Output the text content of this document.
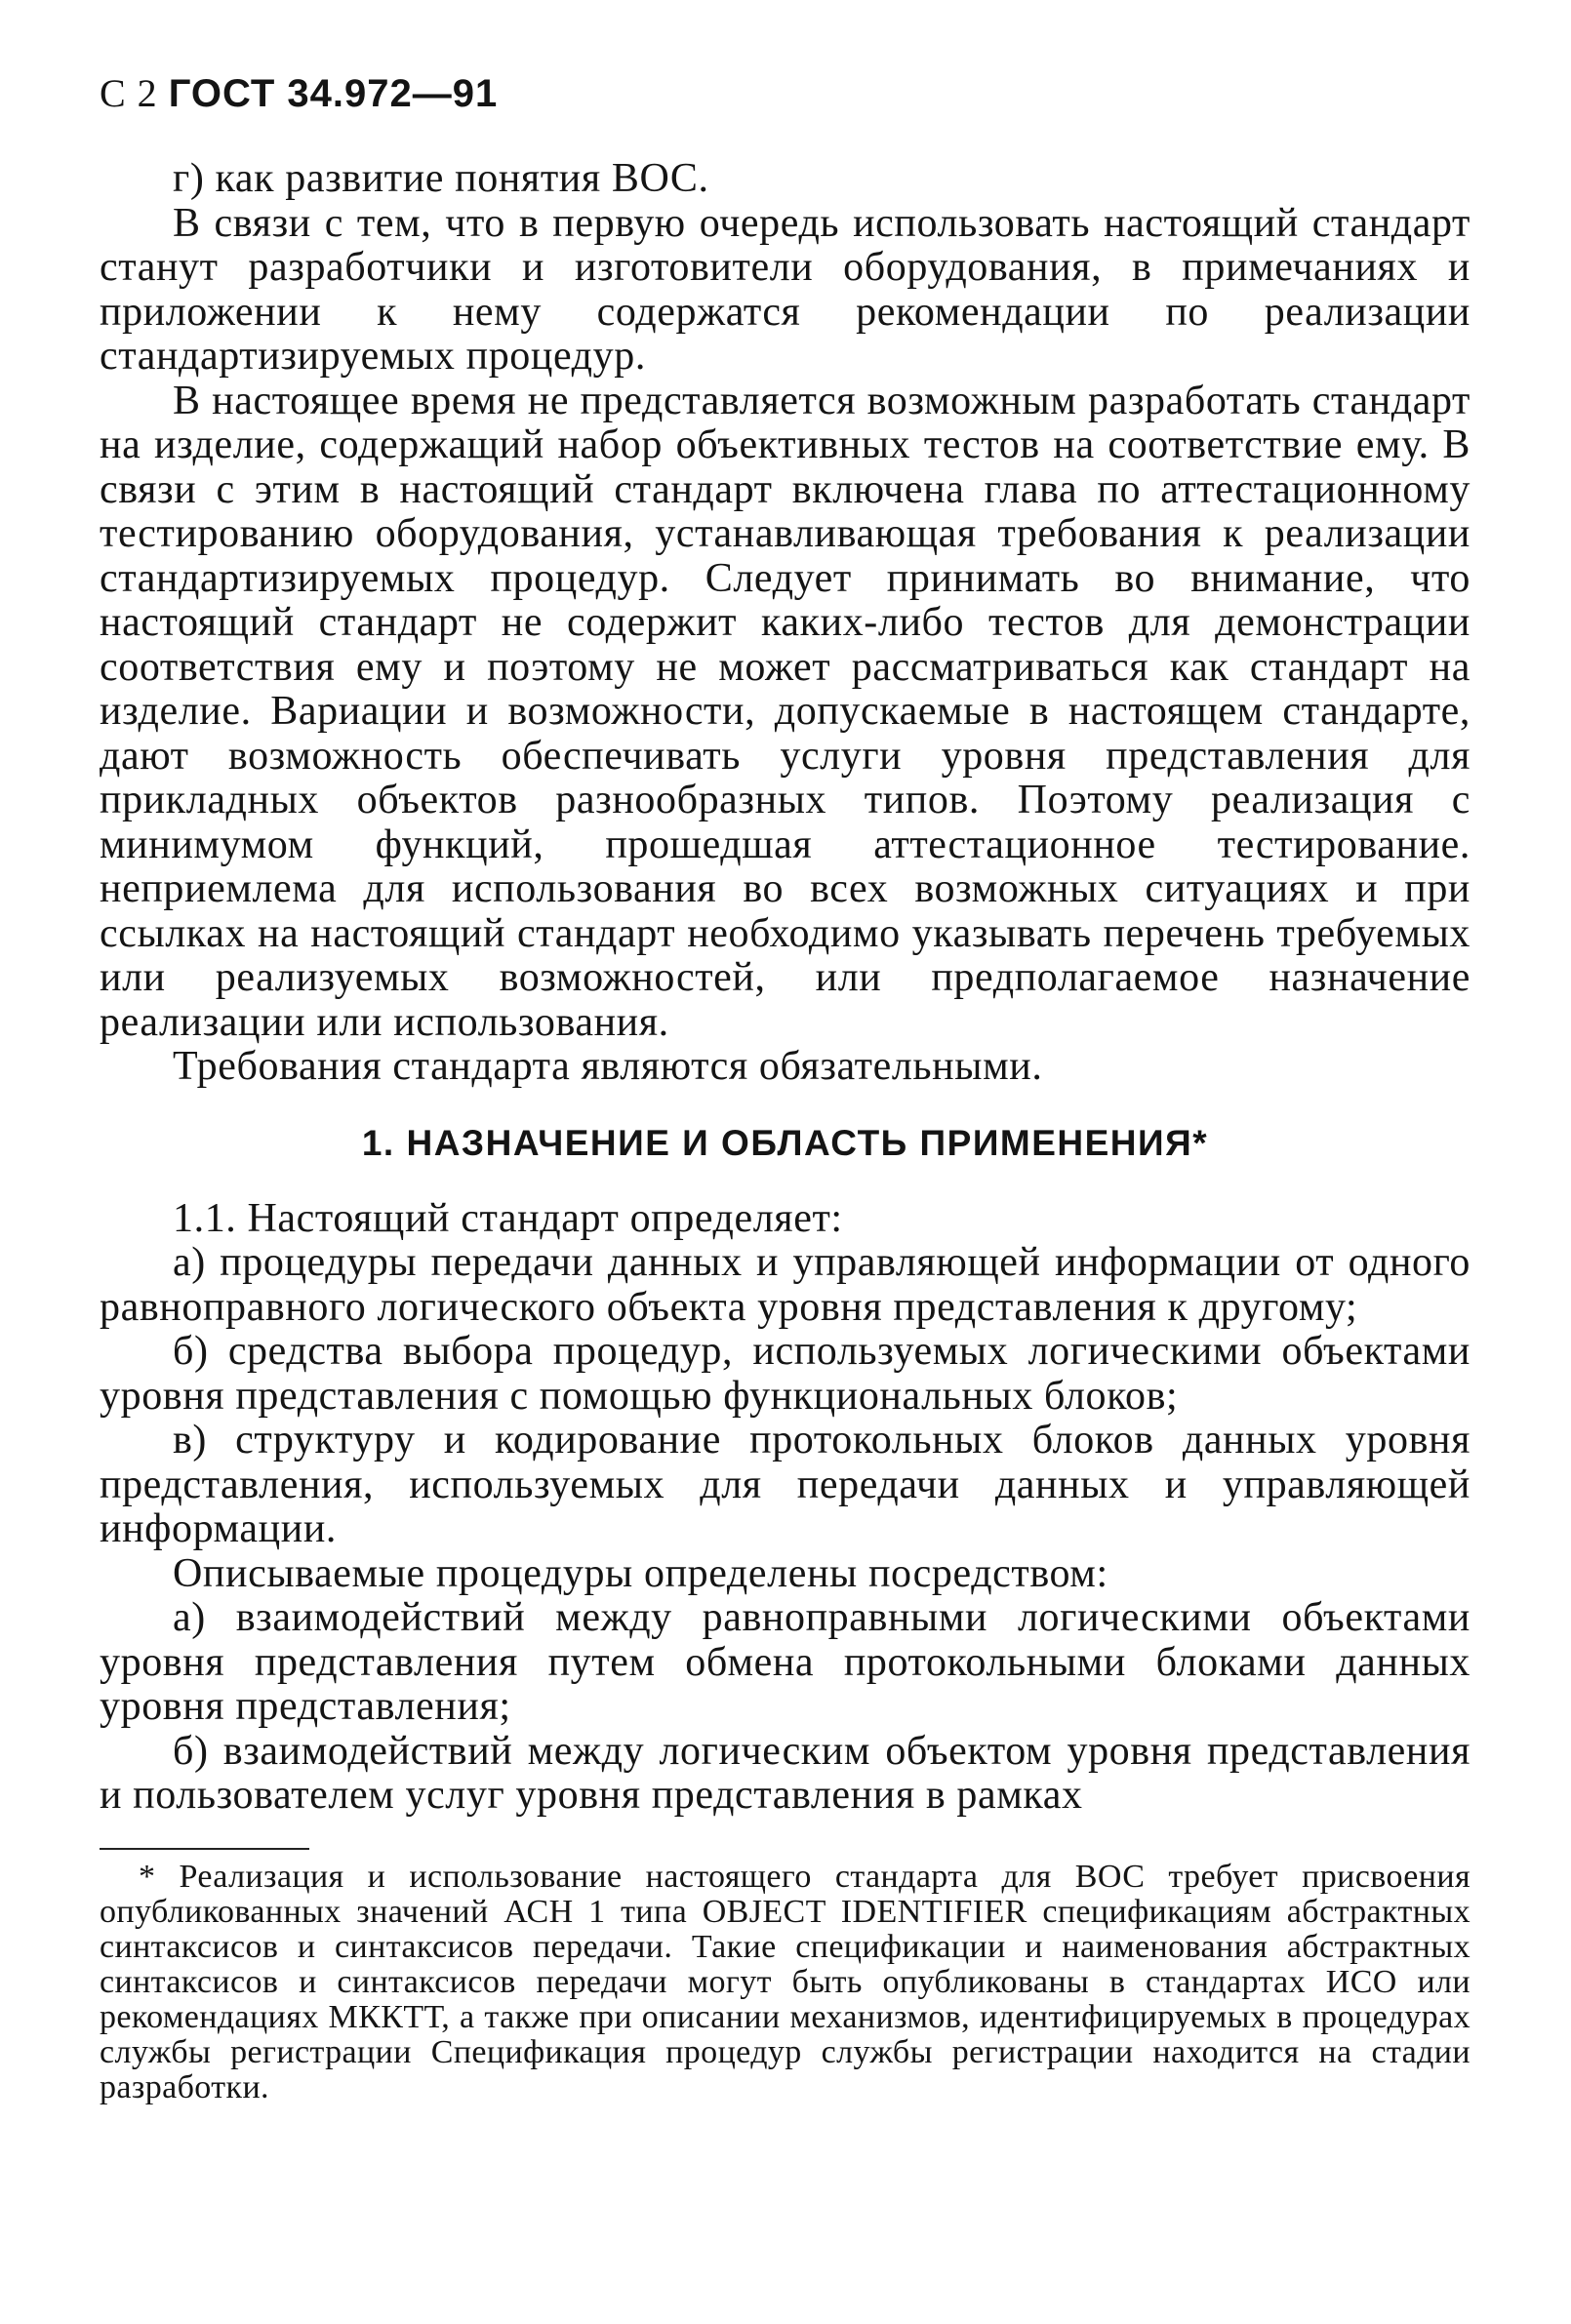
С 2 ГОСТ 34.972—91

г) как развитие понятия ВОС.

В связи с тем, что в первую очередь использовать настоящий стандарт станут разработчики и изготовители оборудования, в примечаниях и приложении к нему содержатся рекомендации по реализации стандартизируемых процедур.

В настоящее время не представляется возможным разработать стандарт на изделие, содержащий набор объективных тестов на соответствие ему. В связи с этим в настоящий стандарт включена глава по аттестационному тестированию оборудования, устанавливающая требования к реализации стандартизируемых процедур. Следует принимать во внимание, что настоящий стандарт не содержит каких-либо тестов для демонстрации соответствия ему и поэтому не может рассматриваться как стандарт на изделие. Вариации и возможности, допускаемые в настоящем стандарте, дают возможность обеспечивать услуги уровня представления для прикладных объектов разнообразных типов. Поэтому реализация с минимумом функций, прошедшая аттестационное тестирование. неприемлема для использования во всех возможных ситуациях и при ссылках на настоящий стандарт необходимо указывать перечень требуемых или реализуемых возможностей, или предполагаемое назначение реализации или использования.

Требования стандарта являются обязательными.

1. НАЗНАЧЕНИЕ И ОБЛАСТЬ ПРИМЕНЕНИЯ*

1.1. Настоящий стандарт определяет:

а) процедуры передачи данных и управляющей информации от одного равноправного логического объекта уровня представления к другому;

б) средства выбора процедур, используемых логическими объектами уровня представления с помощью функциональных блоков;

в) структуру и кодирование протокольных блоков данных уровня представления, используемых для передачи данных и управляющей информации.

Описываемые процедуры определены посредством:

а) взаимодействий между равноправными логическими объектами уровня представления путем обмена протокольными блоками данных уровня представления;

б) взаимодействий между логическим объектом уровня представления и пользователем услуг уровня представления в рамках

* Реализация и использование настоящего стандарта для ВОС требует присвоения опубликованных значений АСН 1 типа OBJECT IDENTIFIER спецификациям абстрактных синтаксисов и синтаксисов передачи. Такие спецификации и наименования абстрактных синтаксисов и синтаксисов передачи могут быть опубликованы в стандартах ИСО или рекомендациях МККТТ, а также при описании механизмов, идентифицируемых в процедурах службы регистрации Спецификация процедур службы регистрации находится на стадии разработки.
